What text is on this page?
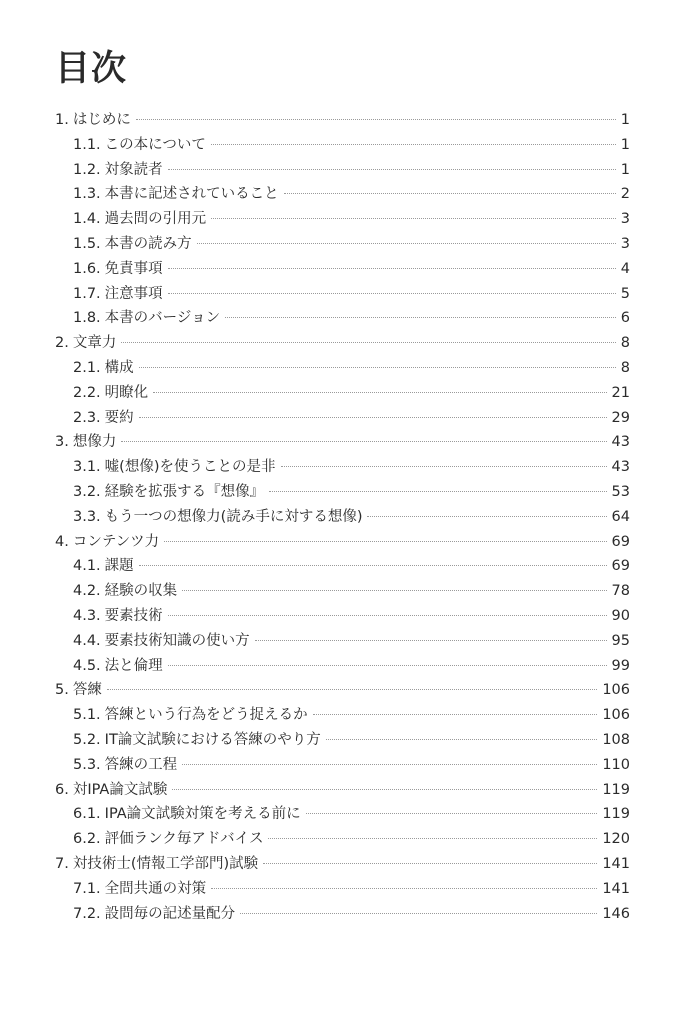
目次
1. はじめに	1
1.1. この本について	1
1.2. 対象読者	1
1.3. 本書に記述されていること	2
1.4. 過去問の引用元	3
1.5. 本書の読み方	3
1.6. 免責事項	4
1.7. 注意事項	5
1.8. 本書のバージョン	6
2. 文章力	8
2.1. 構成	8
2.2. 明瞭化	21
2.3. 要約	29
3. 想像力	43
3.1. 嘘(想像)を使うことの是非	43
3.2. 経験を拡張する『想像』	53
3.3. もう一つの想像力(読み手に対する想像)	64
4. コンテンツ力	69
4.1. 課題	69
4.2. 経験の収集	78
4.3. 要素技術	90
4.4. 要素技術知識の使い方	95
4.5. 法と倫理	99
5. 答練	106
5.1. 答練という行為をどう捉えるか	106
5.2. IT論文試験における答練のやり方	108
5.3. 答練の工程	110
6. 対IPA論文試験	119
6.1. IPA論文試験対策を考える前に	119
6.2. 評価ランク毎アドバイス	120
7. 対技術士(情報工学部門)試験	141
7.1. 全問共通の対策	141
7.2. 設問毎の記述量配分	146
